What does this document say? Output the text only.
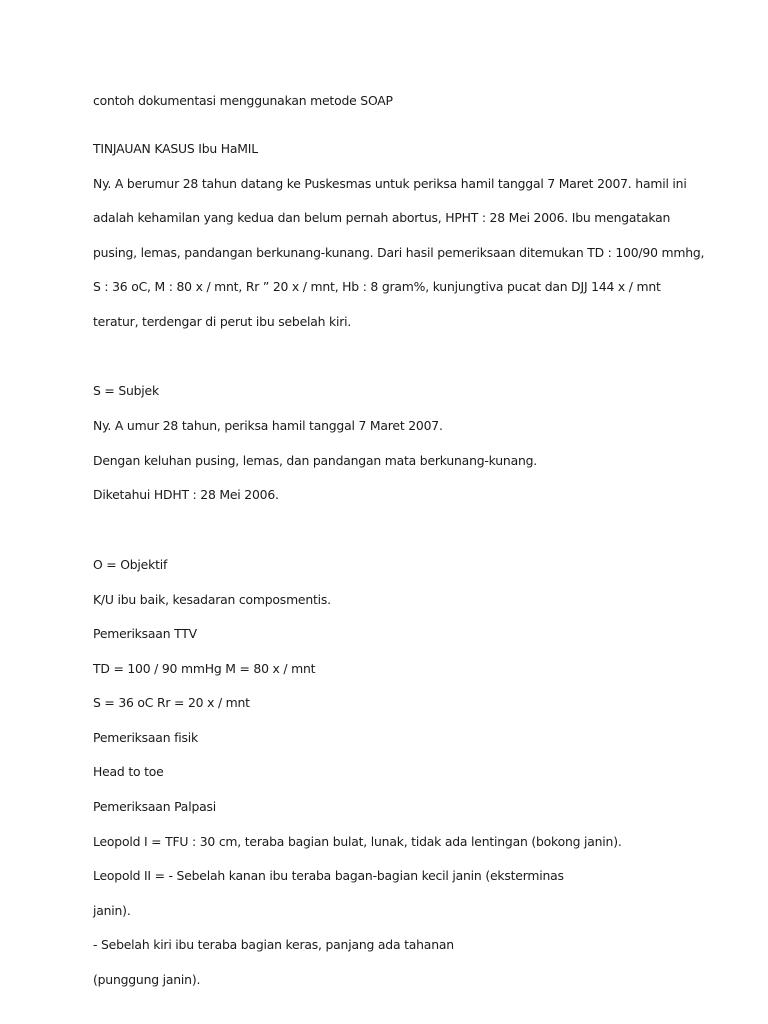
contoh dokumentasi menggunakan metode SOAP
TINJAUAN KASUS Ibu HaMIL
Ny. A berumur 28 tahun datang ke Puskesmas untuk periksa hamil tanggal 7 Maret 2007. hamil ini
adalah kehamilan yang kedua dan belum pernah abortus, HPHT : 28 Mei 2006. Ibu mengatakan
pusing, lemas, pandangan berkunang-kunang. Dari hasil pemeriksaan ditemukan TD : 100/90 mmhg,
S : 36 oC, M : 80 x / mnt, Rr ” 20 x / mnt, Hb : 8 gram%, kunjungtiva pucat dan DJJ 144 x / mnt
teratur, terdengar di perut ibu sebelah kiri.
S = Subjek
Ny. A umur 28 tahun, periksa hamil tanggal 7 Maret 2007.
Dengan keluhan pusing, lemas, dan pandangan mata berkunang-kunang.
Diketahui HDHT : 28 Mei 2006.
O = Objektif
K/U ibu baik, kesadaran composmentis.
Pemeriksaan TTV
TD = 100 / 90 mmHg M = 80 x / mnt
S = 36 oC Rr = 20 x / mnt
Pemeriksaan fisik
Head to toe
Pemeriksaan Palpasi
Leopold I = TFU : 30 cm, teraba bagian bulat, lunak, tidak ada lentingan (bokong janin).
Leopold II = - Sebelah kanan ibu teraba bagan-bagian kecil janin (eksterminas
janin).
- Sebelah kiri ibu teraba bagian keras, panjang ada tahanan
(punggung janin).
